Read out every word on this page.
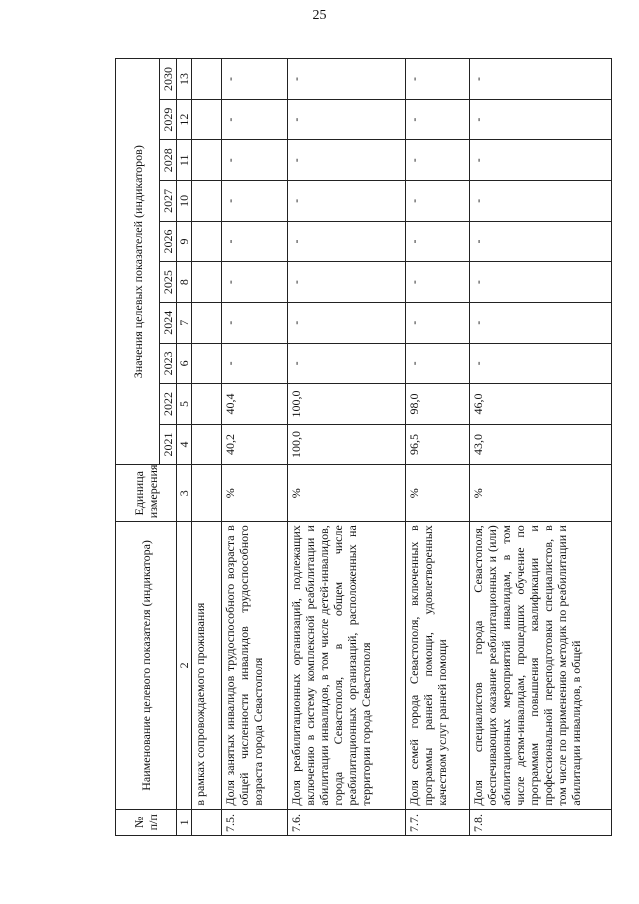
25
№ п/п	Наименование целевого показателя (индикатора)	Единица измерения	Значения целевых показателей (индикаторов)									
			2021	2022	2023	2024	2025	2026	2027	2028	2029	2030
1	2	3	4	5	6	7	8	9	10	11	12	13
	в рамках сопровождаемого проживания											
7.5.	Доля занятых инвалидов трудоспособного возраста в общей численности инвалидов трудоспособного возраста города Севастополя	%	40,2	40,4	-	-	-	-	-	-	-	-
7.6.	Доля реабилитационных организаций, подлежащих включению в систему комплексной реабилитации и абилитации инвалидов, в том числе детей-инвалидов, города Севастополя, в общем числе реабилитационных организаций, расположенных на территории города Севастополя	%	100,0	100,0	-	-	-	-	-	-	-	-
7.7.	Доля семей города Севастополя, включенных в программы ранней помощи, удовлетворенных качеством услуг ранней помощи	%	96,5	98,0	-	-	-	-	-	-	-	-
7.8.	Доля специалистов города Севастополя, обеспечивающих оказание реабилитационных и (или) абилитационных мероприятий инвалидам, в том числе детям-инвалидам, прошедших обучение по программам повышения квалификации и профессиональной переподготовки специалистов, в том числе по применению методик по реабилитации и абилитации инвалидов, в общей	%	43,0	46,0	-	-	-	-	-	-	-	-
